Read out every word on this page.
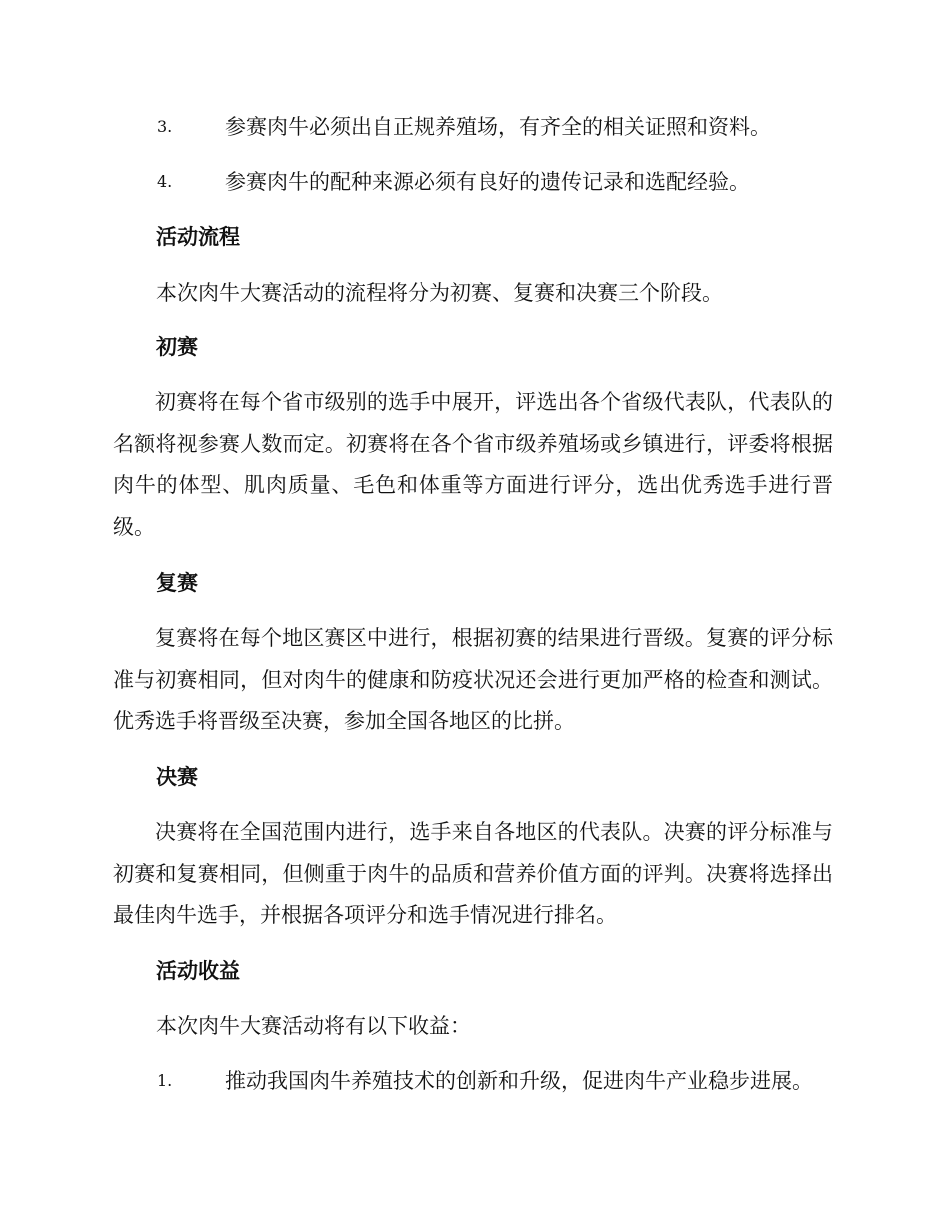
3.	参赛肉牛必须出自正规养殖场，有齐全的相关证照和资料。
4.	参赛肉牛的配种来源必须有良好的遗传记录和选配经验。
活动流程
本次肉牛大赛活动的流程将分为初赛、复赛和决赛三个阶段。
初赛
初赛将在每个省市级别的选手中展开，评选出各个省级代表队，代表队的名额将视参赛人数而定。初赛将在各个省市级养殖场或乡镇进行，评委将根据肉牛的体型、肌肉质量、毛色和体重等方面进行评分，选出优秀选手进行晋级。
复赛
复赛将在每个地区赛区中进行，根据初赛的结果进行晋级。复赛的评分标准与初赛相同，但对肉牛的健康和防疫状况还会进行更加严格的检查和测试。优秀选手将晋级至决赛，参加全国各地区的比拼。
决赛
决赛将在全国范围内进行，选手来自各地区的代表队。决赛的评分标准与初赛和复赛相同，但侧重于肉牛的品质和营养价值方面的评判。决赛将选择出最佳肉牛选手，并根据各项评分和选手情况进行排名。
活动收益
本次肉牛大赛活动将有以下收益：
1.	推动我国肉牛养殖技术的创新和升级，促进肉牛产业稳步进展。
